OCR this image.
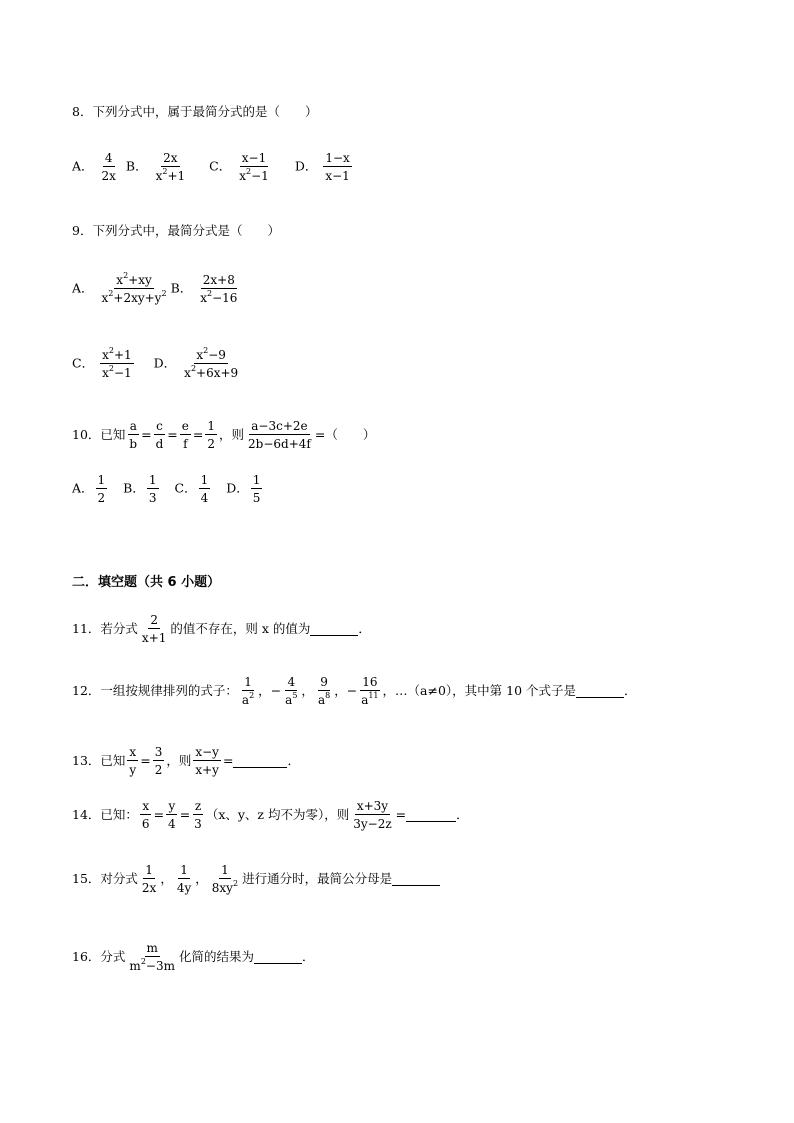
8． 下列分式中，属于最简分式的是（　　）
A． $\frac{4}{2x}$ B． $\frac{2x}{x^2+1}$ C． $\frac{x-1}{x^2-1}$ D． $\frac{1-x}{x-1}$
9． 下列分式中，最简分式是（　　）
A． $\frac{x^2+xy}{x^2+2xy+y^2}$ B． $\frac{2x+8}{x^2-16}$
C． $\frac{x^2+1}{x^2-1}$ D． $\frac{x^2-9}{x^2+6x+9}$
10． 已知 $\frac{a}{b} = \frac{c}{d} = \frac{e}{f} = \frac{1}{2}$ ，则 $\frac{a-3c+2e}{2b-6d+4f}$ =（　　）
A． $\frac{1}{2}$ B． $\frac{1}{3}$ C． $\frac{1}{4}$ D． $\frac{1}{5}$
二．填空题（共 6 小题）
11． 若分式 $\frac{2}{x+1}$ 的值不存在，则 x 的值为	．
12． 一组按规律排列的式子： $\frac{1}{a^2}$ ， − $\frac{4}{a^5}$ ， $\frac{9}{a^8}$ ， − $\frac{16}{a^{11}}$ ，…（a≠0），其中第 10 个式子是	．
13． 已知 $\frac{x}{y} = \frac{3}{2}$ ，则 $\frac{x-y}{x+y}$ =	．
14． 已知： $\frac{x}{6} = \frac{y}{4} = \frac{z}{3} (x$、y、z 均不为零），则 $\frac{x+3y}{3y-2z}$ =	．
15． 对分式 $\frac{1}{2x}$ ， $\frac{1}{4y}$ ， $\frac{1}{8xy^2}$ 进行通分时，最简公分母是
16． 分式 $\frac{m}{m^2-3m}$ 化简的结果为	．
